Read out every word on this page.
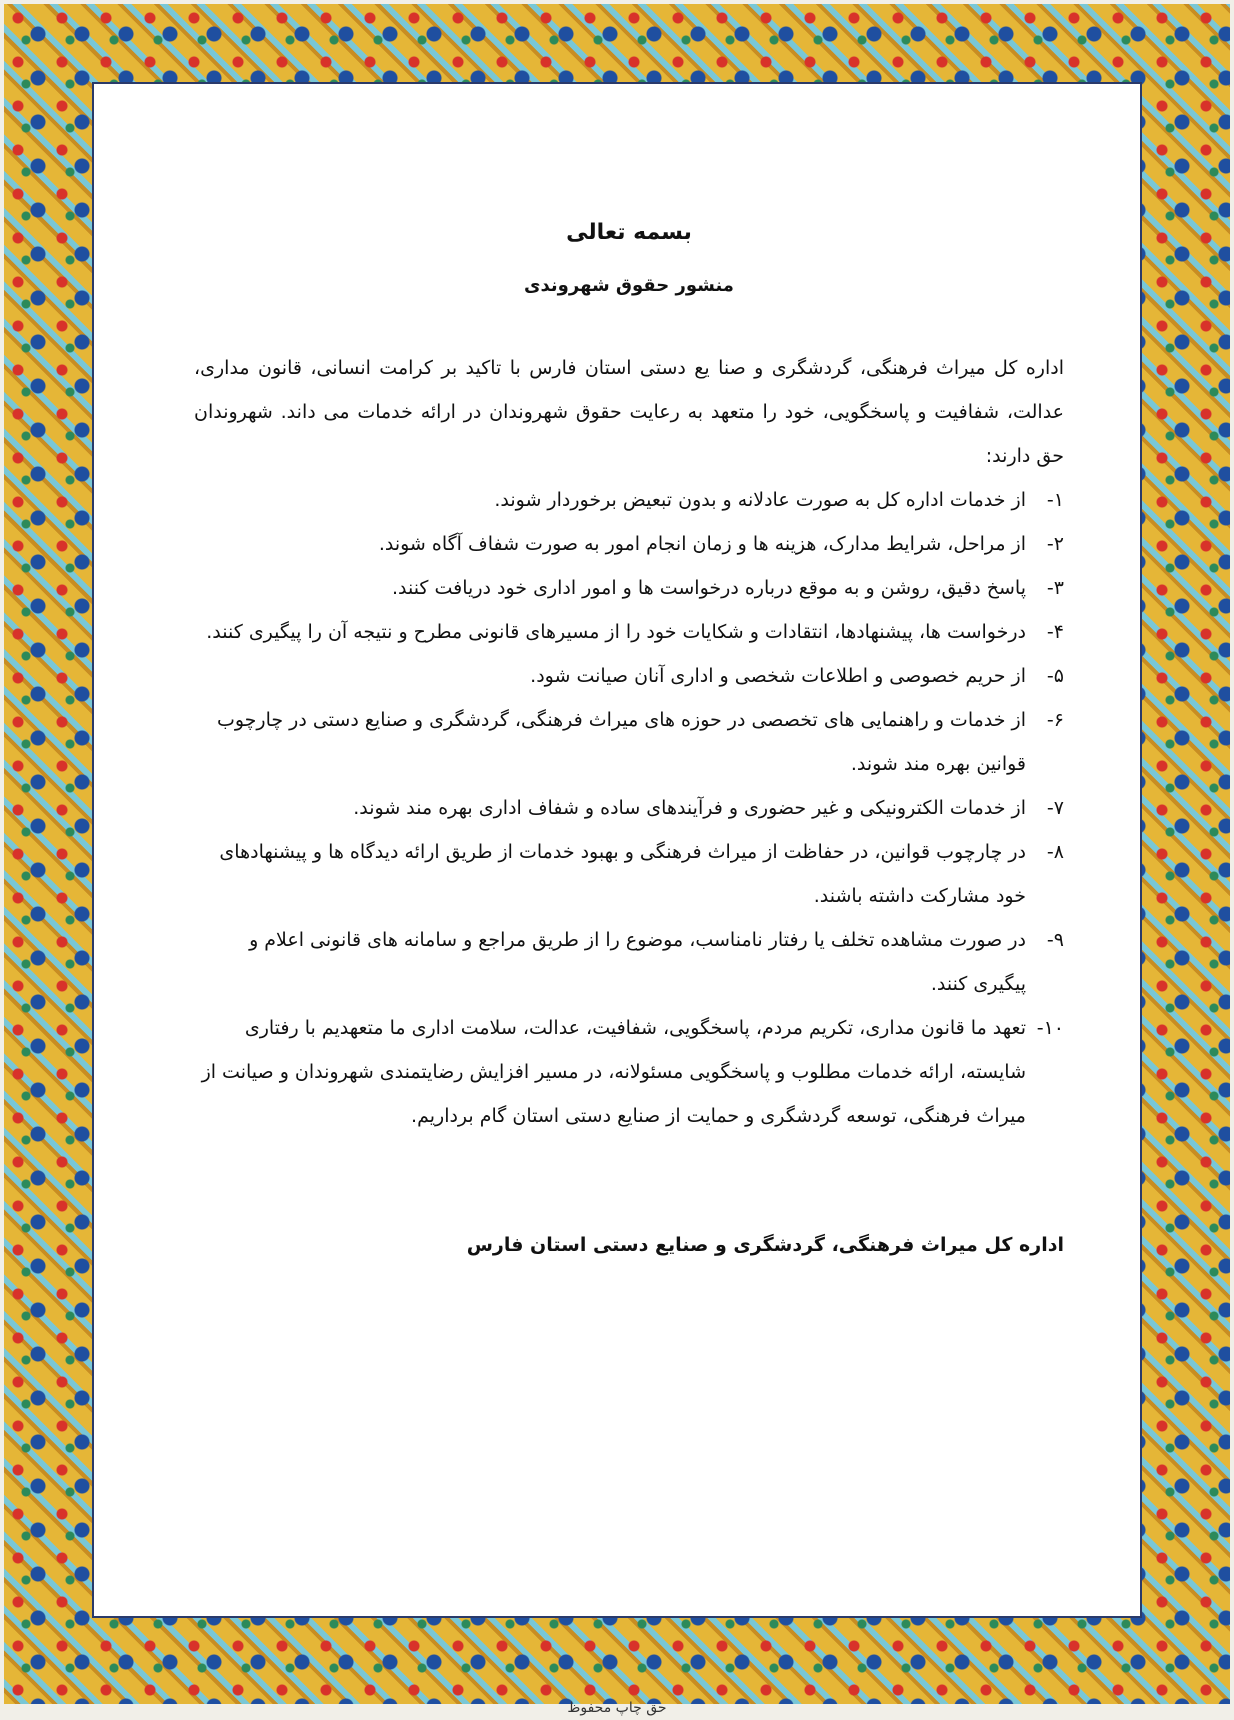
بسمه تعالی
منشور حقوق شهروندی

اداره کل میراث فرهنگی، گردشگری و صنا یع دستی استان فارس با تاکید بر کرامت انسانی، قانون مداری، عدالت، شفافیت و پاسخگویی، خود را متعهد به رعایت حقوق شهروندان در ارائه خدمات می داند. شهروندان حق دارند:

۱-
از خدمات اداره کل به صورت عادلانه و بدون تبعیض برخوردار شوند.
۲-
از مراحل، شرایط مدارک، هزینه ها و زمان انجام امور به صورت شفاف آگاه شوند.
۳-
پاسخ دقیق، روشن و به موقع درباره درخواست ها و امور اداری خود دریافت کنند.
۴-
درخواست ها، پیشنهادها، انتقادات و شکایات خود را از مسیرهای قانونی مطرح و نتیجه آن را پیگیری کنند.
۵-
از حریم خصوصی و اطلاعات شخصی و اداری آنان صیانت شود.
۶-
از خدمات و راهنمایی های تخصصی در حوزه های میراث فرهنگی، گردشگری و صنایع دستی در چارچوب قوانین بهره مند شوند.
۷-
از خدمات الکترونیکی و غیر حضوری و فرآیندهای ساده و شفاف اداری بهره مند شوند.
۸-
در چارچوب قوانین، در حفاظت از میراث فرهنگی و بهبود خدمات از طریق ارائه دیدگاه ها و پیشنهادهای خود مشارکت داشته باشند.
۹-
در صورت مشاهده تخلف یا رفتار نامناسب، موضوع را از طریق مراجع و سامانه های قانونی اعلام و پیگیری کنند.
۱۰-
تعهد ما قانون مداری، تکریم مردم، پاسخگویی، شفافیت، عدالت، سلامت اداری ما متعهدیم با رفتاری شایسته، ارائه خدمات مطلوب و پاسخگویی مسئولانه، در مسیر افزایش رضایتمندی شهروندان و صیانت از میراث فرهنگی، توسعه گردشگری و حمایت از صنایع دستی استان گام برداریم.
اداره کل میراث فرهنگی، گردشگری و صنایع دستی استان فارس
حق چاپ محفوظ
